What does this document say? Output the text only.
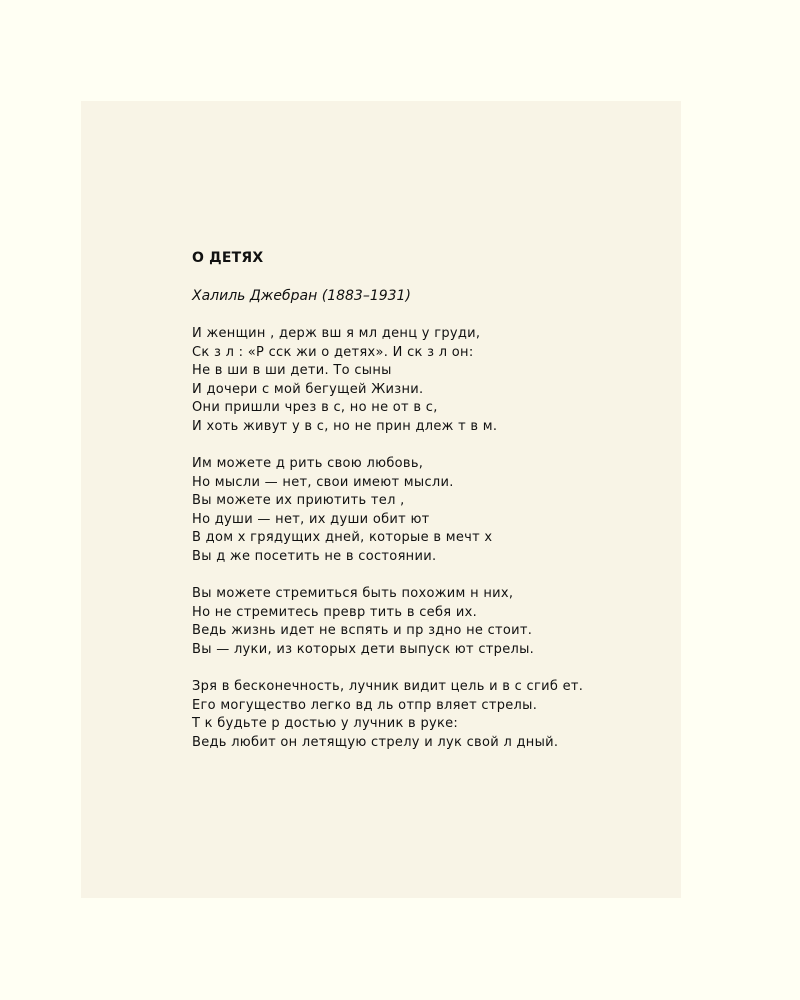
О ДЕТЯХ
Халиль Джебран (1883–1931)
И женщин , держ вш я мл денц у груди,
Ск з л : «Р сск жи о детях». И ск з л он:
Не в ши в ши дети. То сыны
И дочери с мой бегущей Жизни.
Они пришли чрез в с, но не от в с,
И хоть живут у в с, но не прин длеж т в м.
Им можете д рить свою любовь,
Но мысли — нет, свои имеют мысли.
Вы можете их приютить тел ,
Но души — нет, их души обит ют
В дом х грядущих дней, которые в мечт х
Вы д же посетить не в состоянии.
Вы можете стремиться быть похожим н них,
Но не стремитесь превр тить в себя их.
Ведь жизнь идет не вспять и пр здно не стоит.
Вы — луки, из которых дети выпуск ют стрелы.
Зря в бесконечность, лучник видит цель и в с сгиб ет.
Его могущество легко вд ль отпр вляет стрелы.
Т к будьте р достью у лучник в руке:
Ведь любит он летящую стрелу и лук свой л дный.
